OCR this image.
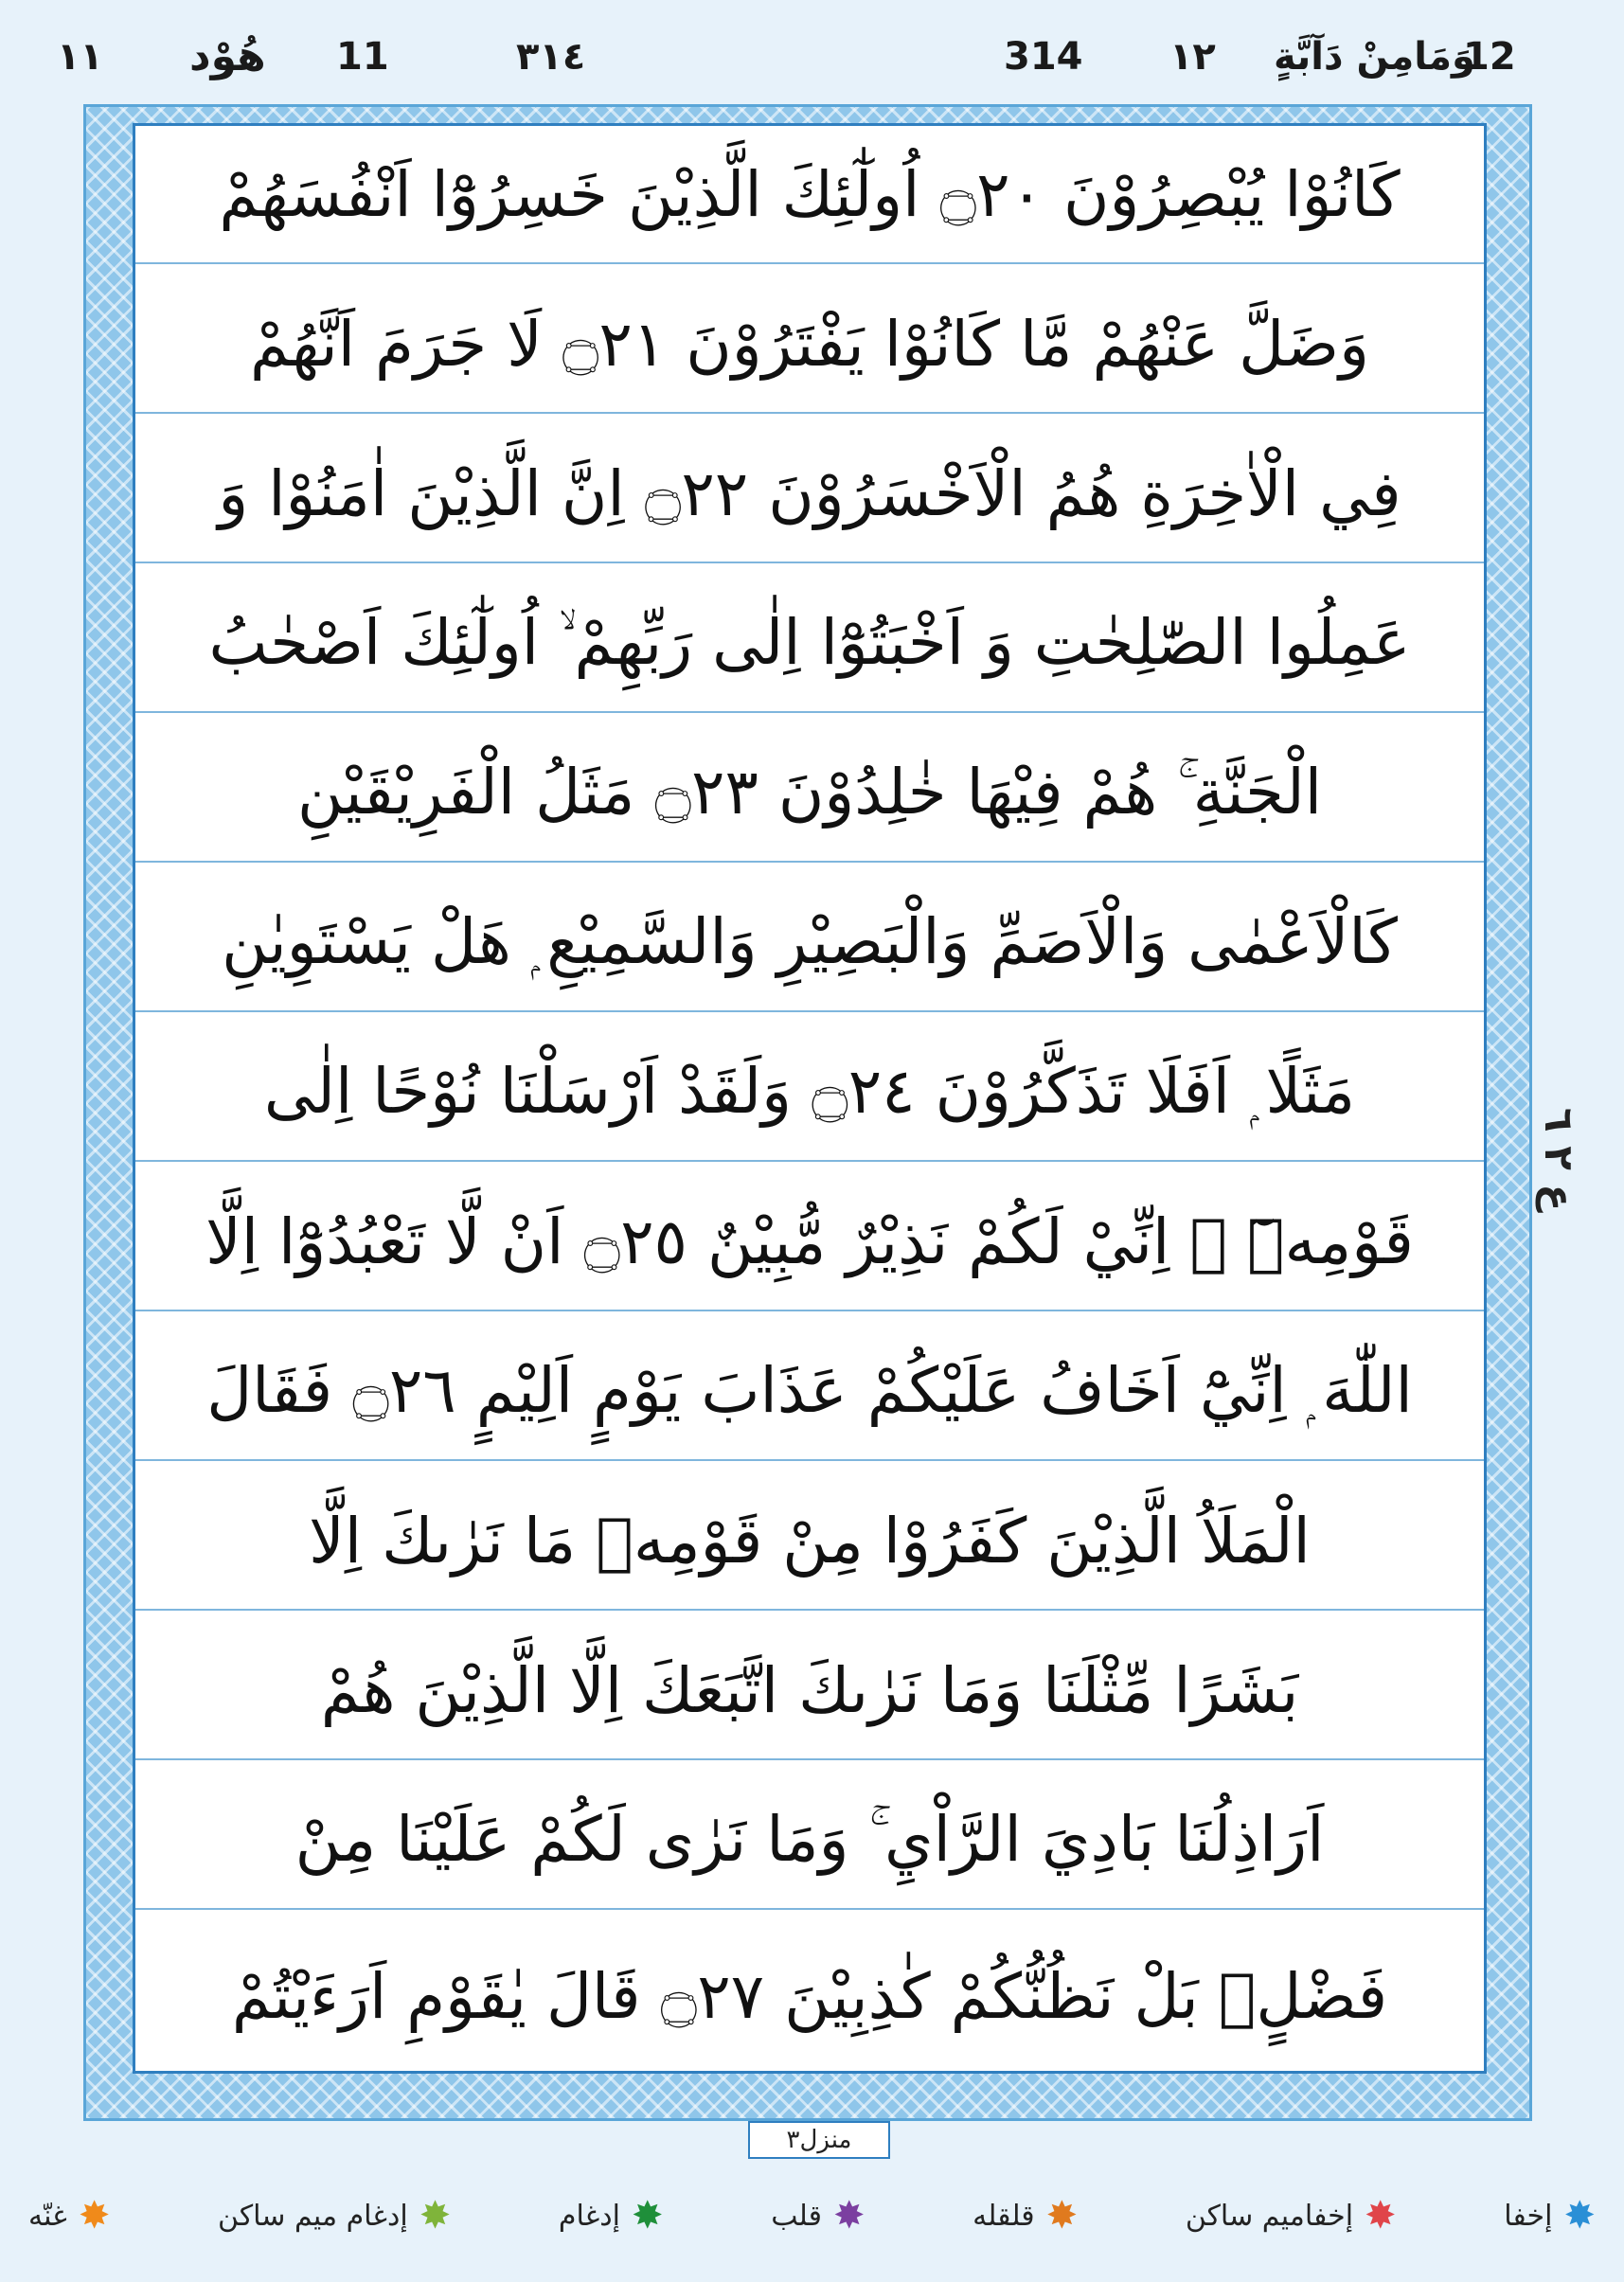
١١ هُوْد 11	٣١٤	314 ١٢ وَمَامِنْ دَآبَّةٍ
12
كَانُوْا يُبْصِرُوْنَ ۝٢٠ اُولٰٓئِكَ الَّذِيْنَ خَسِرُوْٓا اَنْفُسَهُمْ
وَضَلَّ عَنْهُمْ مَّا كَانُوْا يَفْتَرُوْنَ ۝٢١ لَا جَرَمَ اَنَّهُمْ
فِي الْاٰخِرَةِ هُمُ الْاَخْسَرُوْنَ ۝٢٢ اِنَّ الَّذِيْنَ اٰمَنُوْا وَ
عَمِلُوا الصّٰلِحٰتِ وَ اَخْبَتُوْٓا اِلٰى رَبِّهِمْ ۙ اُولٰٓئِكَ اَصْحٰبُ
الْجَنَّةِ ۚ هُمْ فِيْهَا خٰلِدُوْنَ ۝٢٣ مَثَلُ الْفَرِيْقَيْنِ
كَالْاَعْمٰى وَالْاَصَمِّ وَالْبَصِيْرِ وَالسَّمِيْعِ ۭ هَلْ يَسْتَوِيٰنِ
مَثَلًا ۭ اَفَلَا تَذَكَّرُوْنَ ۝٢٤ وَلَقَدْ اَرْسَلْنَا نُوْحًا اِلٰى
قَوْمِهٖٓ ۡ اِنِّيْ لَكُمْ نَذِيْرٌ مُّبِيْنٌ ۝٢٥ اَنْ لَّا تَعْبُدُوْٓا اِلَّا
اللّٰهَ ۭ اِنِّيْٓ اَخَافُ عَلَيْكُمْ عَذَابَ يَوْمٍ اَلِيْمٍ ۝٢٦ فَقَالَ
الْمَلَاُ الَّذِيْنَ كَفَرُوْا مِنْ قَوْمِهٖ مَا نَرٰىكَ اِلَّا
بَشَرًا مِّثْلَنَا وَمَا نَرٰىكَ اتَّبَعَكَ اِلَّا الَّذِيْنَ هُمْ
اَرَاذِلُنَا بَادِيَ الرَّاْيِ ۚ وَمَا نَرٰى لَكُمْ عَلَيْنَا مِنْ
فَضْلٍۢ بَلْ نَظُنُّكُمْ كٰذِبِيْنَ ۝٢٧ قَالَ يٰقَوْمِ اَرَءَيْتُمْ
ع ٢ ٦
منزل٣
✸
إخفا
✸
إخفاميم ساكن
✸
قلقله
✸
قلب
✸
إدغام
✸
إدغام ميم ساكن
✸
غنّه
